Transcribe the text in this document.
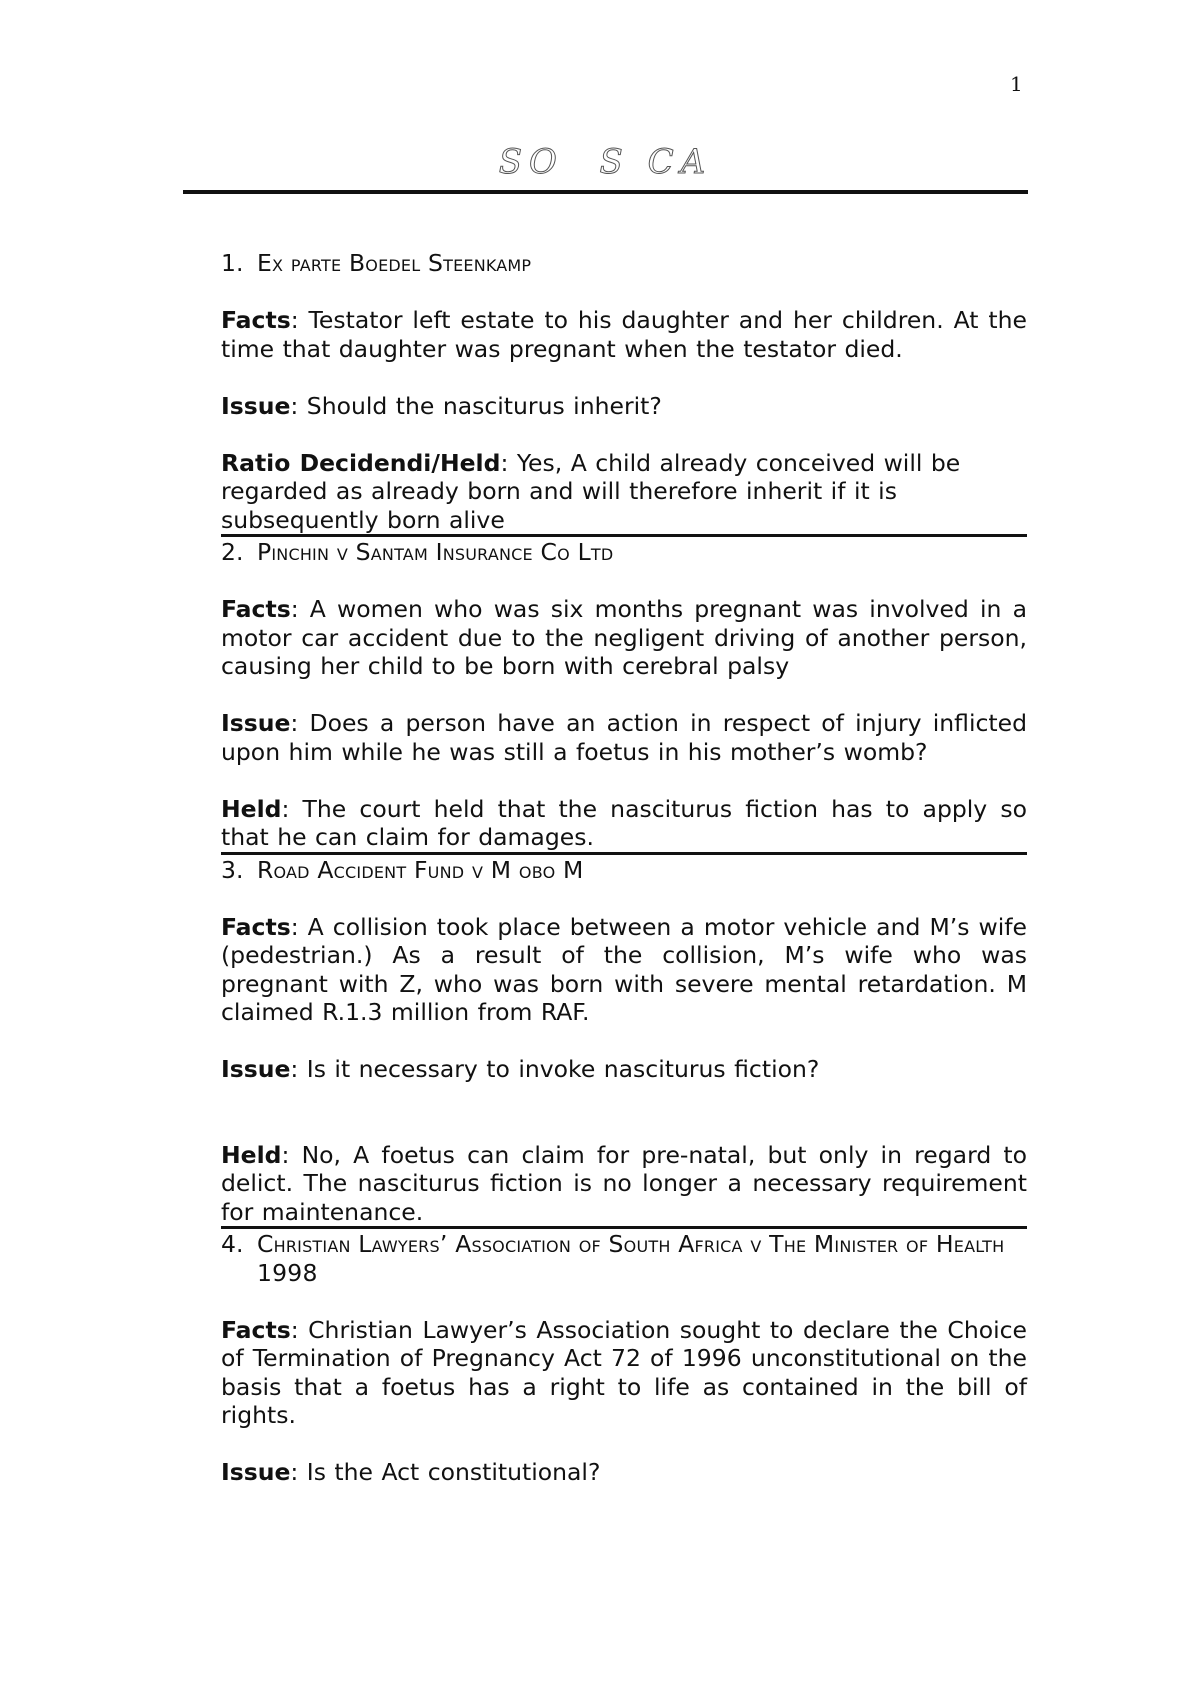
1
SO  S CA
1. Ex parte Boedel Steenkamp

Facts: Testator left estate to his daughter and her children. At the time that daughter was pregnant when the testator died.

Issue: Should the nasciturus inherit?

Ratio Decidendi/Held: Yes, A child already conceived will be regarded as already born and will therefore inherit if it is subsequently born alive

2. Pinchin v Santam Insurance Co Ltd

Facts: A women who was six months pregnant was involved in a motor car accident due to the negligent driving of another person, causing her child to be born with cerebral palsy

Issue: Does a person have an action in respect of injury inflicted upon him while he was still a foetus in his mother’s womb?

Held: The court held that the nasciturus fiction has to apply so that he can claim for damages.

3. Road Accident Fund v M obo M

Facts: A collision took place between a motor vehicle and M’s wife (pedestrian.) As a result of the collision, M’s wife who was pregnant with Z, who was born with severe mental retardation. M claimed R.1.3 million from RAF.

Issue: Is it necessary to invoke nasciturus fiction?

Held: No, A foetus can claim for pre-natal, but only in regard to delict. The nasciturus fiction is no longer a necessary requirement for maintenance.

4. Christian Lawyers’ Association of South Africa v The Minister of Health 1998

Facts: Christian Lawyer’s Association sought to declare the Choice of Termination of Pregnancy Act 72 of 1996 unconstitutional on the basis that a foetus has a right to life as contained in the bill of rights.

Issue: Is the Act constitutional?
